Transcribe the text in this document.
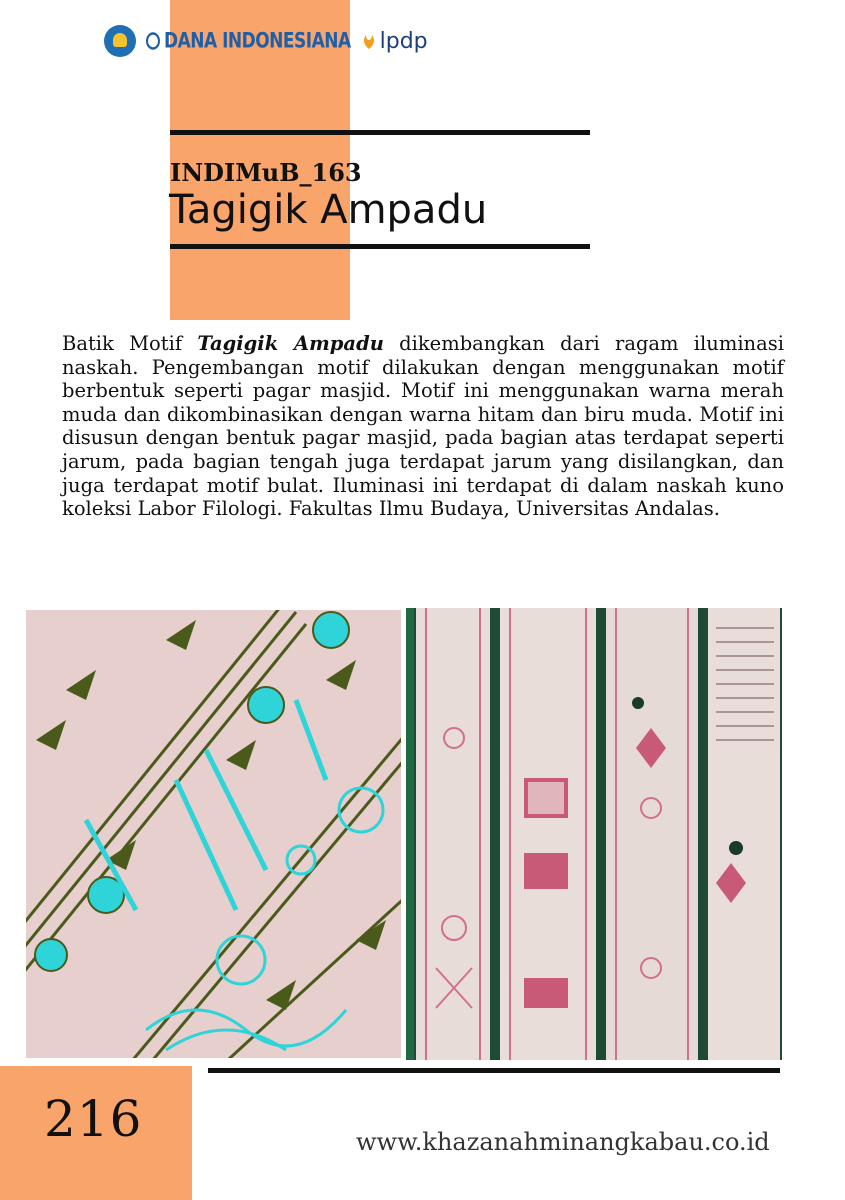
DANA INDONESIANA lpdp
INDIMuB_163
Tagigik Ampadu
Batik Motif Tagigik Ampadu dikembangkan dari ragam iluminasi naskah. Pengembangan motif dilakukan dengan menggunakan motif berbentuk seperti pagar masjid. Motif ini menggunakan warna merah muda dan dikombinasikan dengan warna hitam dan biru muda. Motif ini disusun dengan bentuk pagar masjid, pada bagian atas terdapat seperti jarum, pada bagian tengah juga terdapat jarum yang disilangkan, dan juga terdapat motif bulat. Iluminasi ini terdapat di dalam naskah kuno koleksi Labor Filologi. Fakultas Ilmu Budaya, Universitas Andalas.
216	www.khazanahminangkabau.co.id
